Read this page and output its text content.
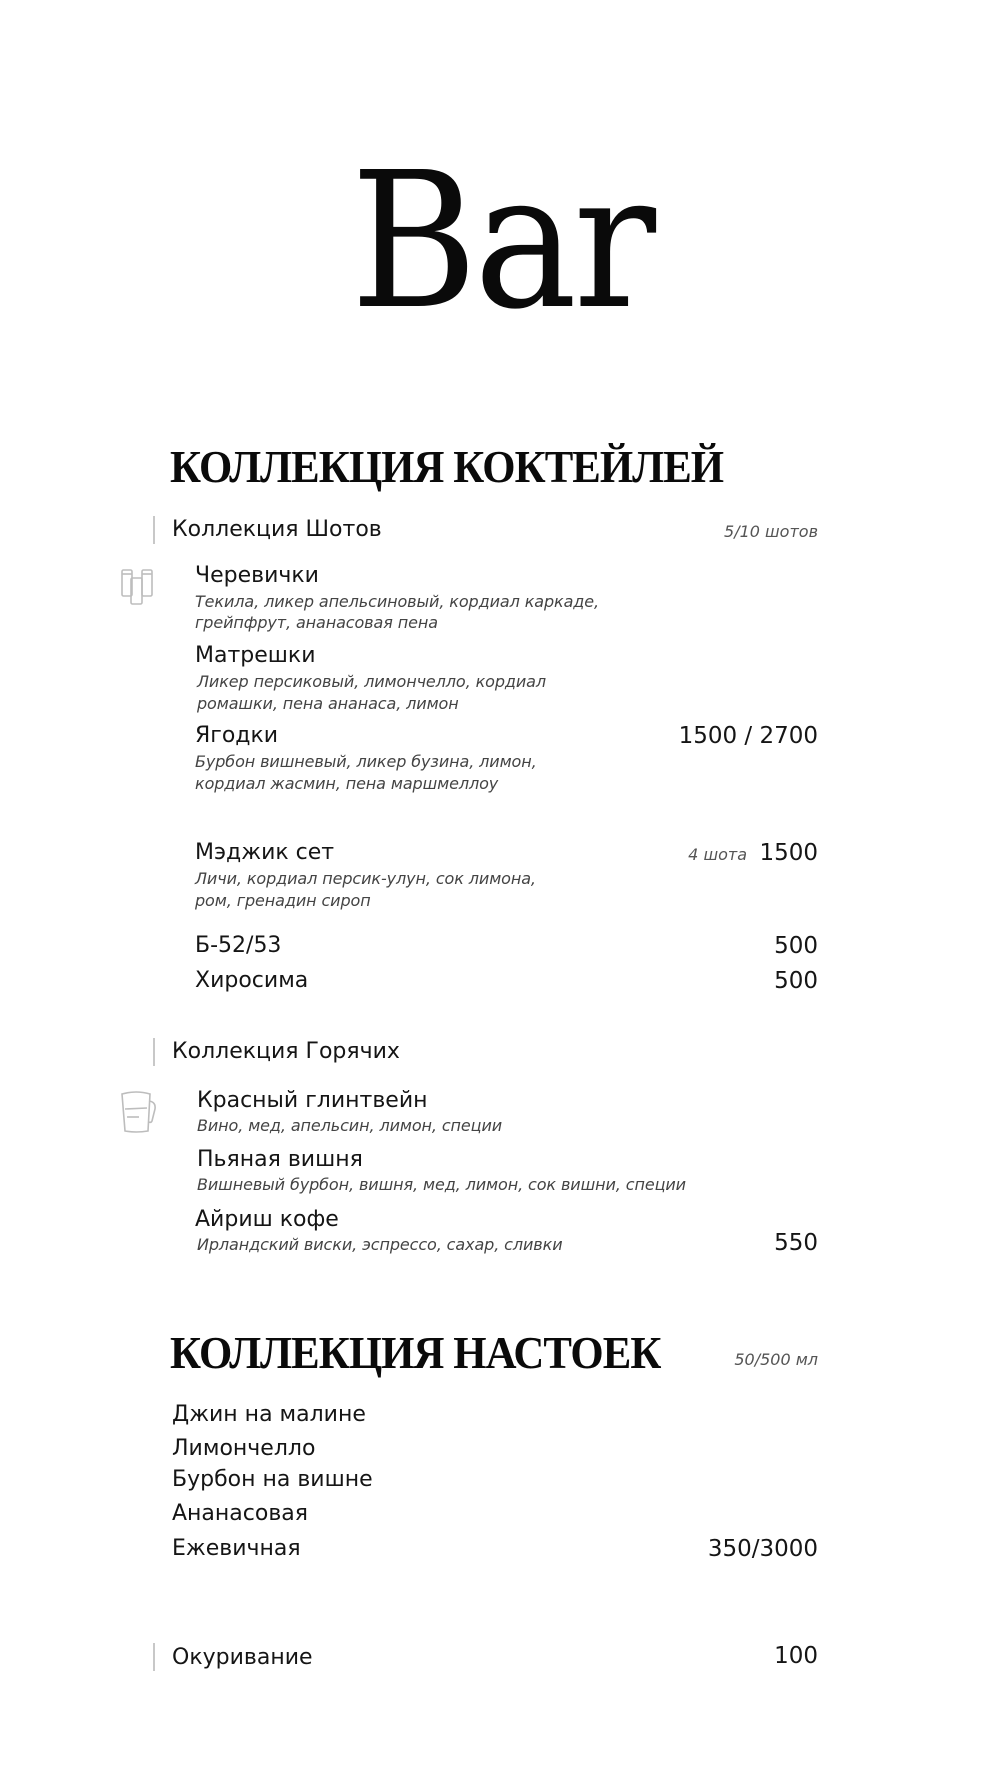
Bar
КОЛЛЕКЦИЯ КОКТЕЙЛЕЙ
Коллекция Шотов	5/10 шотов
Черевички
Текила, ликер апельсиновый, кордиал каркаде,
грейпфрут, ананасовая пена
Матрешки
Ликер персиковый, лимончелло, кордиал
ромашки, пена ананаса, лимон
Ягодки	1500 / 2700
Бурбон вишневый, ликер бузина, лимон,
кордиал жасмин, пена маршмеллоу
Мэджик сет	4 шота 1500
Личи, кордиал персик-улун, сок лимона,
ром, гренадин сироп
Б-52/53	500
Хиросима	500
Коллекция Горячих
Красный глинтвейн
Вино, мед, апельсин, лимон, специи
Пьяная вишня
Вишневый бурбон, вишня, мед, лимон, сок вишни, специи
Айриш кофе
Ирландский виски, эспрессо, сахар, сливки	550
КОЛЛЕКЦИЯ НАСТОЕК	50/500 мл
Джин на малине
Лимончелло
Бурбон на вишне
Ананасовая
Ежевичная	350/3000
Окуривание	100
